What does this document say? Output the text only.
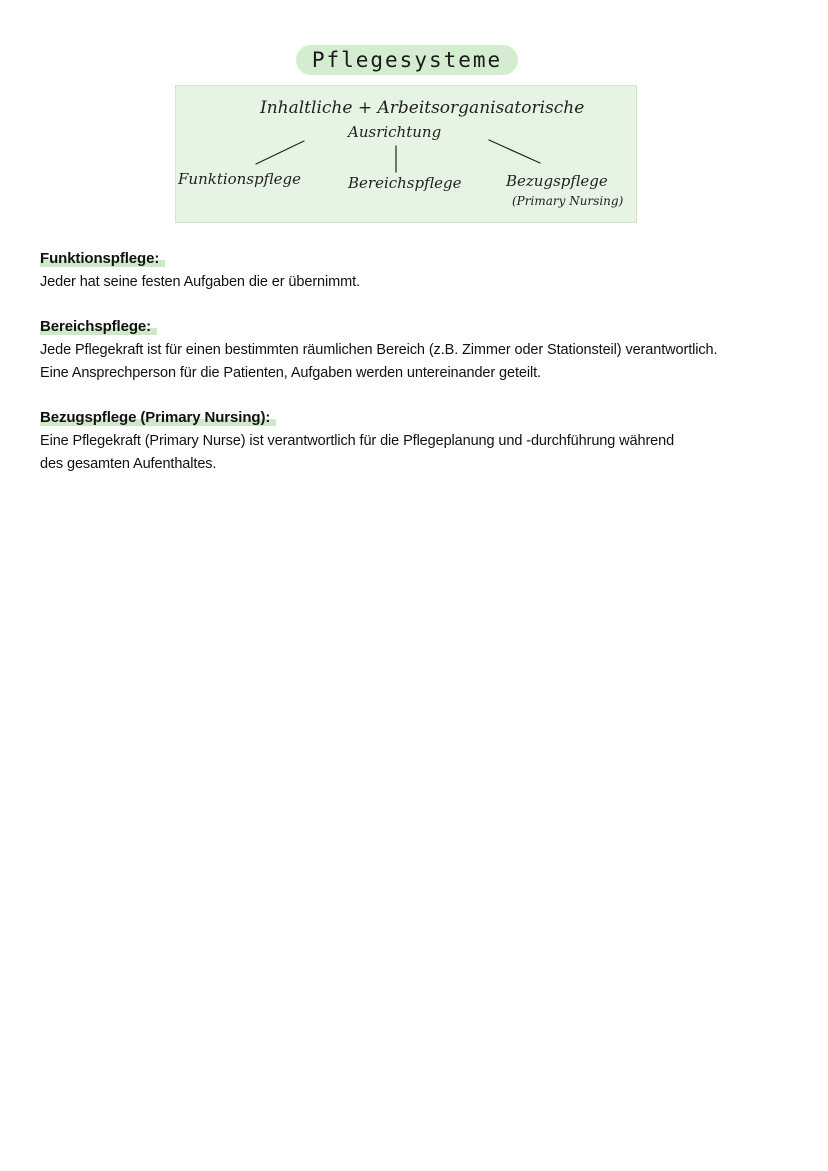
Pflegesysteme
Inhaltliche + Arbeitsorganisatorische
Ausrichtung
Funktionspflege	Bereichspflege	Bezugspflege
(Primary Nursing)
Funktionspflege:
Jeder hat seine festen Aufgaben die er übernimmt.
Bereichspflege:
Jede Pflegekraft ist für einen bestimmten räumlichen Bereich (z.B. Zimmer oder Stationsteil) verantwortlich.
Eine Ansprechperson für die Patienten, Aufgaben werden untereinander geteilt.
Bezugspflege (Primary Nursing):
Eine Pflegekraft (Primary Nurse) ist verantwortlich für die Pflegeplanung und -durchführung während
des gesamten Aufenthaltes.
